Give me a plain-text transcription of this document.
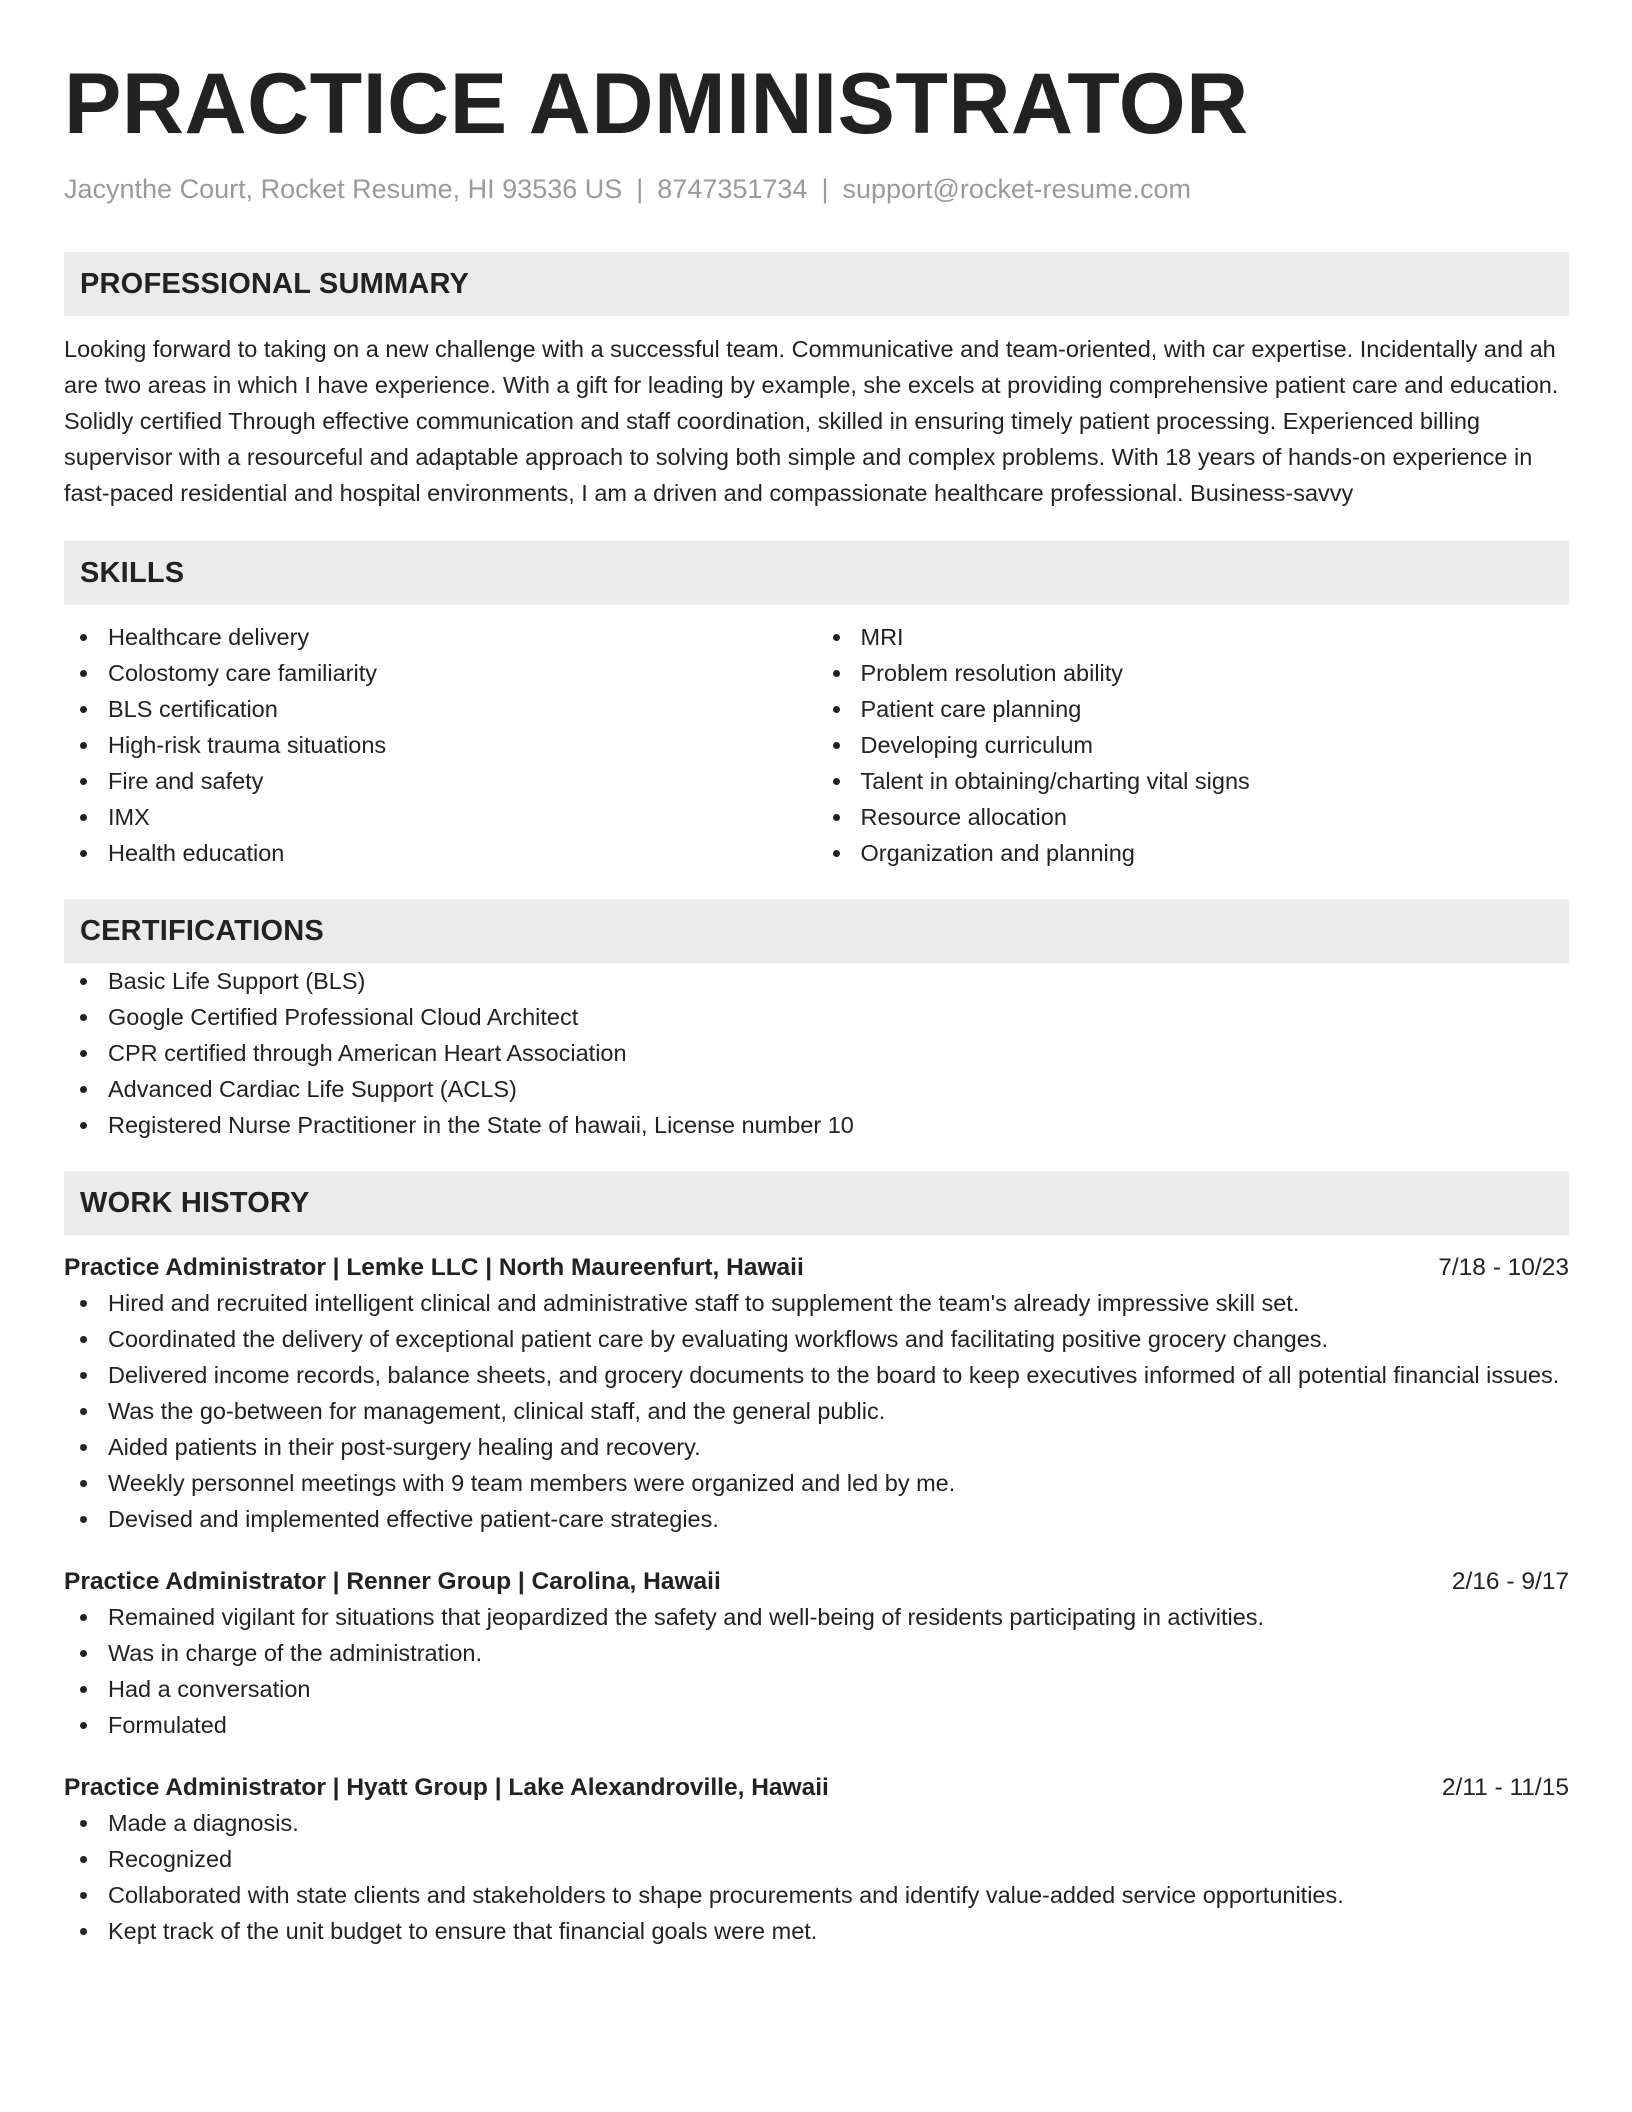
PRACTICE ADMINISTRATOR
Jacynthe Court, Rocket Resume, HI 93536 US | 8747351734 | support@rocket-resume.com
PROFESSIONAL SUMMARY

Looking forward to taking on a new challenge with a successful team. Communicative and team-oriented, with car expertise. Incidentally and ah are two areas in which I have experience. With a gift for leading by example, she excels at providing comprehensive patient care and education. Solidly certified Through effective communication and staff coordination, skilled in ensuring timely patient processing. Experienced billing supervisor with a resourceful and adaptable approach to solving both simple and complex problems. With 18 years of hands-on experience in fast-paced residential and hospital environments, I am a driven and compassionate healthcare professional. Business-savvy

SKILLS
Healthcare delivery
Colostomy care familiarity
BLS certification
High-risk trauma situations
Fire and safety
IMX
Health education
MRI
Problem resolution ability
Patient care planning
Developing curriculum
Talent in obtaining/charting vital signs
Resource allocation
Organization and planning
CERTIFICATIONS
Basic Life Support (BLS)
Google Certified Professional Cloud Architect
CPR certified through American Heart Association
Advanced Cardiac Life Support (ACLS)
Registered Nurse Practitioner in the State of hawaii, License number 10
WORK HISTORY
Practice Administrator | Lemke LLC | North Maureenfurt, Hawaii	7/18 - 10/23
Hired and recruited intelligent clinical and administrative staff to supplement the team's already impressive skill set.
Coordinated the delivery of exceptional patient care by evaluating workflows and facilitating positive grocery changes.
Delivered income records, balance sheets, and grocery documents to the board to keep executives informed of all potential financial issues.
Was the go-between for management, clinical staff, and the general public.
Aided patients in their post-surgery healing and recovery.
Weekly personnel meetings with 9 team members were organized and led by me.
Devised and implemented effective patient-care strategies.
Practice Administrator | Renner Group | Carolina, Hawaii	2/16 - 9/17
Remained vigilant for situations that jeopardized the safety and well-being of residents participating in activities.
Was in charge of the administration.
Had a conversation
Formulated
Practice Administrator | Hyatt Group | Lake Alexandroville, Hawaii	2/11 - 11/15
Made a diagnosis.
Recognized
Collaborated with state clients and stakeholders to shape procurements and identify value-added service opportunities.
Kept track of the unit budget to ensure that financial goals were met.
